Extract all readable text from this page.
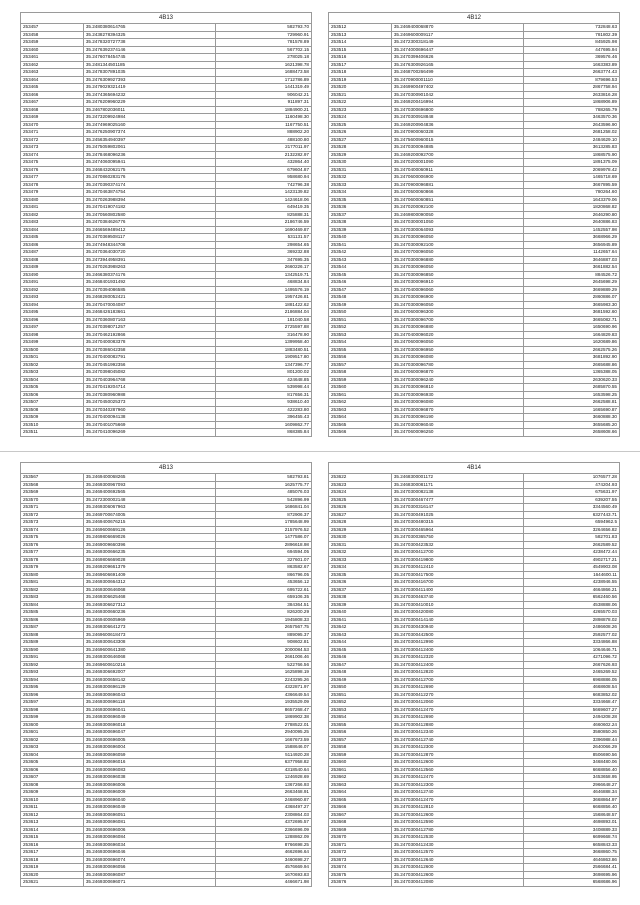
4B13
253457	35.2480380614765	582793.70
253458	35.2438278394325	729960.91
253459	35.2478320727738	781578.89
253460	35.2476392374146	567702.15
253461	35.2476078454745	278025.18
253462	35.2481344501185	1621398.78
253463	35.2478307891035	1688473.58
253464	35.2476309927393	1712786.89
253465	35.2479029321419	1441319.49
253466	35.2474365694232	906042.21
253467	35.2476209960229	911897.31
253468	35.2467802036011	1884900.21
253469	35.2473209924984	1160498.30
253470	35.2474969025160	1167750.51
253471	35.2476250907374	888902.20
253472	35.2456354940397	488100.80
253473	35.2475059802061	2177011.97
253474	35.2478468096236	2132282.97
253475	35.2474060095941	432864.40
253476	35.2468432062175	679604.87
253477	35.2470860283176	958680.94
253478	35.2470390374174	742796.38
253479	35.2470463874754	1423139.82
253480	35.2470263988394	1424618.06
253481	35.2470419074182	649419.35
253482	35.2470560802580	825888.31
253483	35.2470384626776	2186746.59
253484	35.2466569489412	1690469.87
253485	35.2470369508117	531131.57
253486	35.2474948344708	298654.65
253487	35.2470364030720	369232.88
253488	35.2473944958391	347695.35
253489	35.2470263988263	2660226.17
253490	35.2466380374176	1342519.71
253491	35.2468401931492	468834.84
253492	35.2470394086585	1495576.19
253493	35.2468280052421	1957426.81
253494	35.2470470004087	1881422.62
253495	35.2468426183661	2186884.04
253496	35.2470360807163	181040.58
253497	35.2470398071257	2725597.88
253498	35.2470462192866	316478.90
253499	35.2470400083378	1399958.40
253500	35.2470386042358	1883480.51
253501	35.2470400082791	1909517.80
253502	35.2470451992356	1347396.77
253503	35.2470398045082	801200.02
253504	35.2470403964768	424648.85
253505	35.2470419204714	539998.44
253506	35.2470380960988	817656.31
253507	35.2470450025373	938610.40
253508	35.2470340287960	422283.80
253509	35.2470400094138	396455.43
253510	35.2470401075669	1609862.77
253511	35.2470410096269	868385.84
4B12
253512	35.2469400068870	732848.63
253513	35.2469600009117	781802.39
253514	35.2472300318149	845925.98
253515	35.2474000696447	447695.94
253516	35.2470399406626	369576.46
253517	35.2476300926165	1663383.89
253518	35.2468700266499	2663774.43
253519	35.2470900001110	879696.53
253520	35.2469900497402	2867758.94
253521	35.2470300901042	2633816.28
253522	35.2469200416994	1868906.89
253523	35.2470300696800	788265.79
253524	35.2470300918848	3463570.36
253525	35.2469200904836	2643596.90
253526	35.2470900060328	2681258.02
253527	35.2475600960015	2484629.10
253528	35.2470300094885	3613285.83
253529	35.2469200092700	1868575.90
253530	35.2470200001090	1891375.09
253531	35.2470400060911	2069978.42
253532	35.2470600006900	1465718.69
253533	35.2470900096881	3667895.59
253534	35.2470500060866	780264.60
253535	35.2470600060851	1643379.06
253536	35.2470200092100	1820868.82
253537	35.2469800090050	2646290.80
253538	35.2470300001050	2640886.83
253539	35.2470300064093	1452557.98
253540	35.2470300096050	3668966.29
253541	35.2470300092100	3656945.89
253542	35.2470700096050	1142657.64
253543	35.2470300096880	3646887.03
253544	35.2470300096050	3661882.54
253545	35.2470300096850	884526.72
253546	35.2470300096910	2645698.29
253547	35.2470400096060	3669889.29
253548	35.2470300096900	2860886.07
253549	35.2470300096050	3665983.30
253550	35.2470600096300	3681592.60
253551	35.2470300096700	3665082.71
253552	35.2470300096880	1650690.96
253553	35.2470400096020	1664829.83
253554	35.2470600096050	1620689.86
253555	35.2470300096950	2662575.26
253556	35.2470300096080	3681892.90
253557	35.2470300096780	2665688.86
253558	35.2470600096870	1365388.05
253559	35.2470300096240	2630620.33
253560	35.2470300096810	2685870.55
253561	35.2470300096930	1653598.25
253562	35.2470300096080	2662588.81
253563	35.2470300096870	1665690.87
253564	35.2470300096190	3660888.30
253565	35.2470300096040	3655685.20
253566	35.2470600096250	2658608.66
4B13
253567	35.2469400068265	582793.81
253568	35.2469300967093	1625775.77
253569	35.2469400692565	485076.03
253570	35.2472300002148	542896.99
253571	35.2469306067963	1686841.04
253572	35.2469700674005	872906.37
253573	35.2469400676215	1785648.99
253574	35.2469600669126	2157976.52
253575	35.2469806669026	1477586.07
253576	35.2469009660396	2896618.98
253577	35.2469300666235	694594.05
253578	35.2469806669028	327601.07
253579	35.2469209661379	863582.67
253580	35.2469606691409	866796.05
253581	35.2469300664312	453656.12
253582	35.2469300646068	695722.61
253583	35.2469306625468	659106.35
253584	35.2469306627312	384364.51
253585	35.2469300660236	826200.29
253586	35.2469400605969	1945808.33
253587	35.2469306641273	2657567.75
253588	35.2469600618473	889095.37
253589	35.2469300643308	908602.81
253590	35.2469600641380	2000084.53
253591	35.2469300646068	2661006.46
253592	35.2469600610216	522766.56
253593	35.2469306692007	1625898.19
253594	35.2469300658142	2243295.26
253595	35.2469300696129	4322871.97
253596	35.2469300696043	4366649.54
253597	35.2469300696118	1935529.09
253598	35.2469300696041	8657268.47
253599	35.2469300696049	1869902.38
253600	35.2469300696018	2788522.01
253601	35.2469300696047	2940095.25
253602	35.2469300696005	1667673.59
253603	35.2469300696004	1588646.07
253604	35.2469300696059	5114920.28
253605	35.2469300696016	6377958.82
253606	35.2469300696083	4318540.64
253607	35.2469300696038	1246928.69
253608	35.2469300696006	1367266.93
253609	35.2469300696009	2663468.91
253610	35.2469300696040	2468960.87
253611	35.2469300696049	4368497.27
253612	35.2469300696051	2308864.03
253613	35.2469300696081	4372695.57
253614	35.2469300696006	2366696.09
253615	35.2469300696084	1288862.09
253616	35.2469300696034	8766698.25
253617	35.2469300696046	4662696.64
253618	35.2469300696074	3460698.27
253619	35.2469300696056	4576669.94
253620	35.2469300696087	1670693.83
253621	35.2469300696071	4466671.98
4B14
253622	35.2468300001172	1076577.28
253623	35.2468300081171	474204.93
253624	35.2470300082138	675631.97
253625	35.2470300467477	639207.55
253626	35.2470300316147	3344560.49
253627	35.2470300491025	6327443.71
253628	35.2470300480315	6594962.5
253629	35.2470300465964	3264656.82
253630	35.2470300365750	582701.83
253631	35.2470300423532	2662589.52
253632	35.2470300412700	4238472.44
253633	35.2470300419800	4902717.21
253634	35.2470300412410	4549903.08
253635	35.2470300417500	1644600.11
253636	35.2470300416700	4238946.55
253637	35.2470300411400	4664866.21
253638	35.2470300463740	6562460.56
253639	35.2470300410010	4538888.06
253640	35.2470300420080	4265570.03
253641	35.2470300414140	2898878.02
253642	35.2470300430940	2486608.26
253643	35.2470300442500	2592577.02
253644	35.2470300412990	3334866.88
253645	35.2470300412400	1064646.71
253646	35.2470300412320	4271096.72
253647	35.2470300412400	2667626.93
253648	35.2470300412820	2465269.52
253649	35.2470300412700	6968886.05
253650	35.2470300412690	4668608.54
253651	35.2470300412270	6683852.02
253652	35.2470300412060	3334668.47
253653	35.2470300412470	5669607.27
253654	35.2470300412690	2494208.28
253655	35.2470300412880	4660602.24
253656	35.2470300412340	3580850.26
253657	35.2470300412740	3396988.44
253658	35.2470300412300	2640066.29
253659	35.2470300412870	8506690.56
253660	35.2470300412600	3468480.06
253661	35.2470300412560	6668856.40
253662	35.2470300412470	3453658.95
253663	35.2470300412300	2966648.27
253664	35.2470300412740	4646888.34
253665	35.2470300412470	3668864.97
253666	35.2470300412810	6668856.40
253667	35.2470300412600	1568648.57
253668	35.2470300412590	4698893.01
253669	35.2470300412780	3408889.33
253670	35.2470300412530	6699668.74
253671	35.2470300412430	6658843.33
253672	35.2470300412570	3668860.75
253673	35.2470300412640	4646863.86
253674	35.2470300412600	2566684.41
253675	35.2470300412600	3698695.96
253676	35.2470300412080	6568686.96
